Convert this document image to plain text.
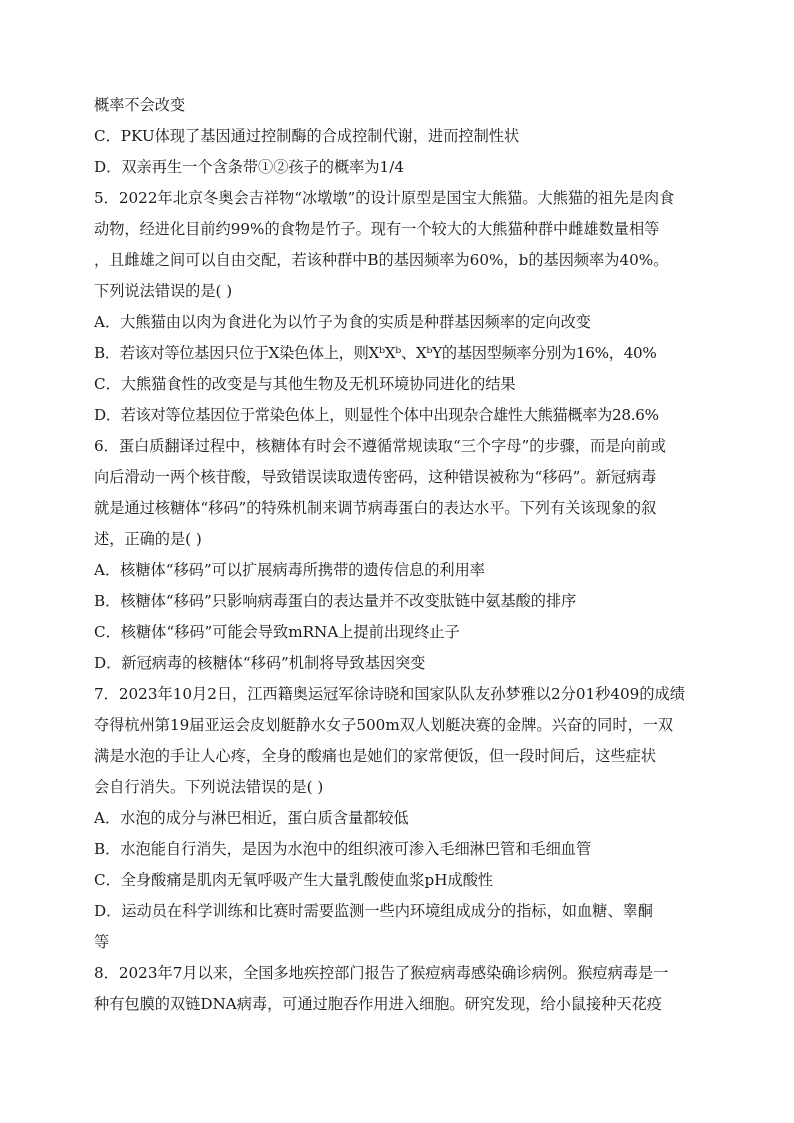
概率不会改变
C．PKU体现了基因通过控制酶的合成控制代谢，进而控制性状
D．双亲再生一个含条带①②孩子的概率为1/4
5．2022年北京冬奥会吉祥物“冰墩墩”的设计原型是国宝大熊猫。大熊猫的祖先是肉食
动物，经进化目前约99%的食物是竹子。现有一个较大的大熊猫种群中雌雄数量相等
，且雌雄之间可以自由交配，若该种群中B的基因频率为60%，b的基因频率为40%。
下列说法错误的是( )
A．大熊猫由以肉为食进化为以竹子为食的实质是种群基因频率的定向改变
B．若该对等位基因只位于X染色体上，则XᵇXᵇ、XᵇY的基因型频率分别为16%，40%
C．大熊猫食性的改变是与其他生物及无机环境协同进化的结果
D．若该对等位基因位于常染色体上，则显性个体中出现杂合雄性大熊猫概率为28.6%
6．蛋白质翻译过程中，核糖体有时会不遵循常规读取“三个字母”的步骤，而是向前或
向后滑动一两个核苷酸，导致错误读取遗传密码，这种错误被称为“移码”。新冠病毒
就是通过核糖体“移码”的特殊机制来调节病毒蛋白的表达水平。下列有关该现象的叙
述，正确的是( )
A．核糖体“移码”可以扩展病毒所携带的遗传信息的利用率
B．核糖体“移码”只影响病毒蛋白的表达量并不改变肽链中氨基酸的排序
C．核糖体“移码”可能会导致mRNA上提前出现终止子
D．新冠病毒的核糖体“移码”机制将导致基因突变
7．2023年10月2日，江西籍奥运冠军徐诗晓和国家队队友孙梦雅以2分01秒409的成绩
夺得杭州第19届亚运会皮划艇静水女子500m双人划艇决赛的金牌。兴奋的同时，一双
满是水泡的手让人心疼，全身的酸痛也是她们的家常便饭，但一段时间后，这些症状
会自行消失。下列说法错误的是( )
A．水泡的成分与淋巴相近，蛋白质含量都较低
B．水泡能自行消失，是因为水泡中的组织液可渗入毛细淋巴管和毛细血管
C．全身酸痛是肌肉无氧呼吸产生大量乳酸使血浆pH成酸性
D．运动员在科学训练和比赛时需要监测一些内环境组成成分的指标，如血糖、睾酮
等
8．2023年7月以来，全国多地疾控部门报告了猴痘病毒感染确诊病例。猴痘病毒是一
种有包膜的双链DNA病毒，可通过胞吞作用进入细胞。研究发现，给小鼠接种天花疫
